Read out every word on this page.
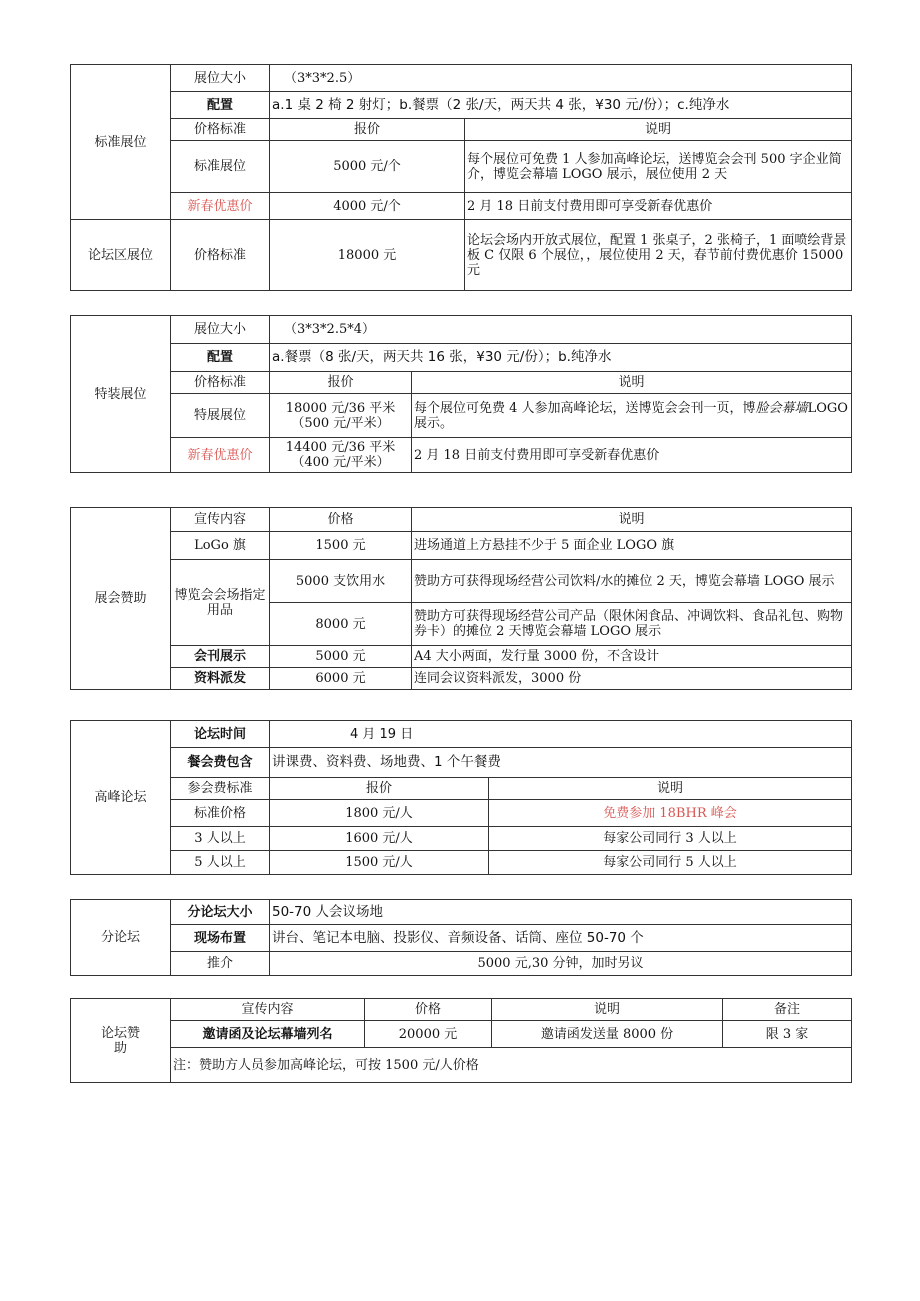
标准展位	展位大小	（3*3*2.5）	
	配置	a.1 桌 2 椅 2 射灯；b.餐票（2 张/天，两天共 4 张，¥30 元/份）；c.纯净水	
	价格标准	报价	说明
	标准展位	5000 元/个	每个展位可免费 1 人参加高峰论坛，送博览会会刊 500 字企业简介，博览会幕墙 LOGO 展示，展位使用 2 天
	新春优惠价	4000 元/个	2 月 18 日前支付费用即可享受新春优惠价
论坛区展位	价格标准	18000 元	论坛会场内开放式展位，配置 1 张桌子，2 张椅子，1 面喷绘背景板 C 仅限 6 个展位，，展位使用 2 天，春节前付费优惠价 15000 元
特装展位	展位大小	（3*3*2.5*4）	
	配置	a.餐票（8 张/天，两天共 16 张，¥30 元/份）；b.纯净水	
	价格标准	报价	说明
	特展展位	18000 元/36 平米（500 元/平米）	每个展位可免费 4 人参加高峰论坛，送博览会会刊一页，博脸会幕墙LOGO 展示。
	新春优惠价	14400 元/36 平米（400 元/平米）	2 月 18 日前支付费用即可享受新春优惠价
展会赞助	宣传内容	价格	说明
	LoGo 旗	1500 元	进场通道上方悬挂不少于 5 面企业 LOGO 旗
	博览会会场指定用品	5000 支饮用水	赞助方可获得现场经营公司饮料/水的摊位 2 天，博览会幕墙 LOGO 展示
		8000 元	赞助方可获得现场经营公司产品（限休闲食品、冲调饮料、食品礼包、购物券卡）的摊位 2 天博览会幕墙 LOGO 展示
	会刊展示	5000 元	A4 大小两面，发行量 3000 份，不含设计
	资料派发	6000 元	连同会议资料派发，3000 份
高峰论坛	论坛时间	4 月 19 日	
	餐会费包含	讲课费、资料费、场地费、1 个午餐费	
	参会费标准	报价	说明
	标准价格	1800 元/人	免费参加 18BHR 峰会
	3 人以上	1600 元/人	每家公司同行 3 人以上
	5 人以上	1500 元/人	每家公司同行 5 人以上
分论坛	分论坛大小	50-70 人会议场地
	现场布置	讲台、笔记本电脑、投影仪、音频设备、话筒、座位 50-70 个
	推介	5000 元,30 分钟，加时另议
论坛赞助	宣传内容	价格	说明	备注
	邀请函及论坛幕墙列名	20000 元	邀请函发送量 8000 份	限 3 家
	注：赞助方人员参加高峰论坛，可按 1500 元/人价格			
